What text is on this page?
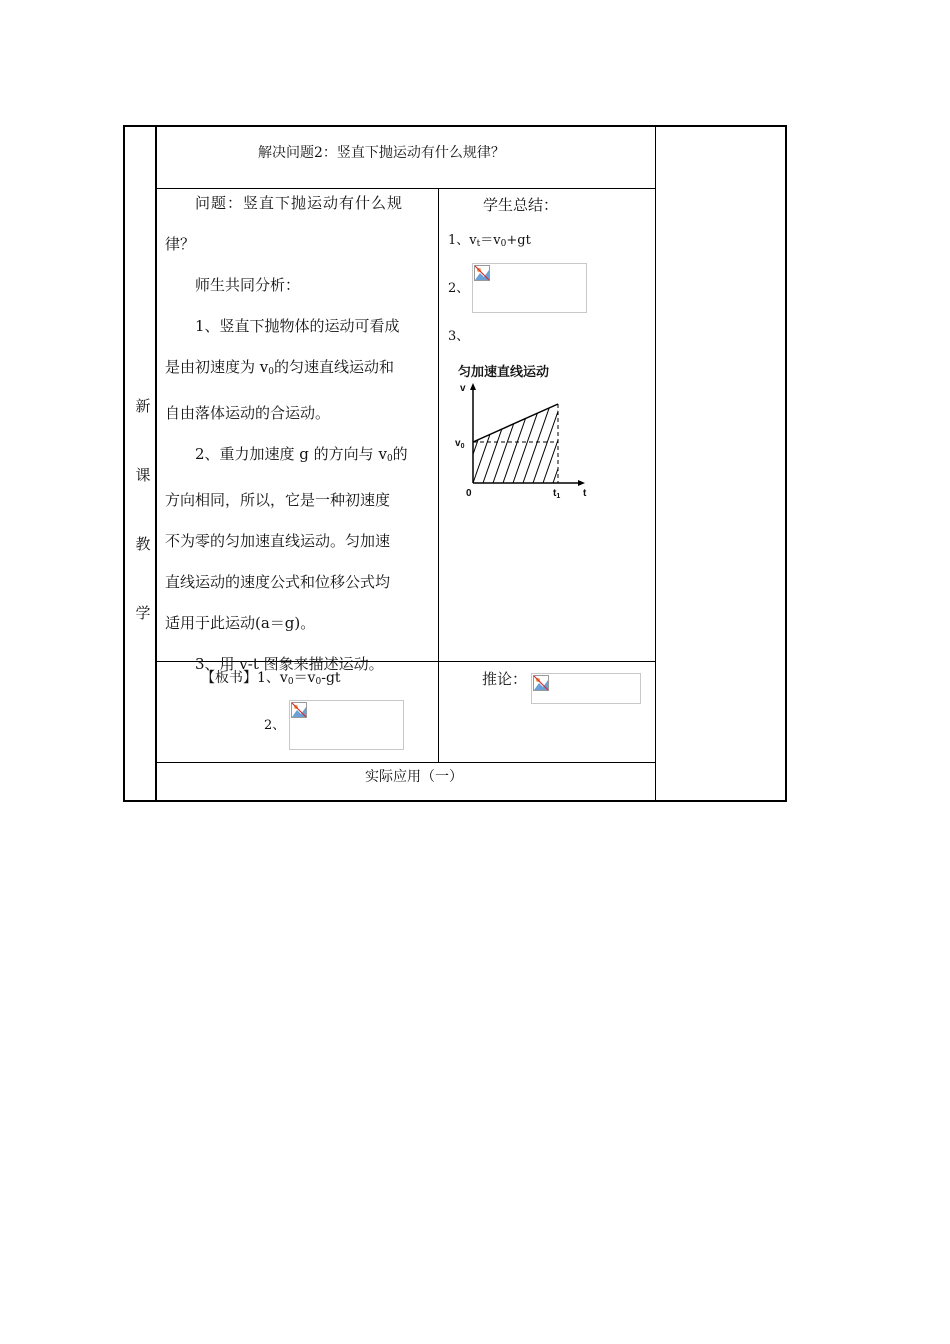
新
课
教
学
解决问题2：竖直下抛运动有什么规律？

问题：竖直下抛运动有什么规

律？

师生共同分析：

1、竖直下抛物体的运动可看成

是由初速度为 $v_0$的匀速直线运动和

自由落体运动的合运动。

2、重力加速度 g 的方向与 $v_0$的

方向相同，所以，它是一种初速度

不为零的匀加速直线运动。匀加速

直线运动的速度公式和位移公式均

适用于此运动(a＝g)。

3、用 v-t 图象来描述运动。

学生总结：
1、$v_t=v_0+gt$
2、
3、
匀加速直线运动
v
$v_0$
0	$t_1$ t
【板书】1、$v_0=v_0-gt$
2、
推论：
实际应用（一）
